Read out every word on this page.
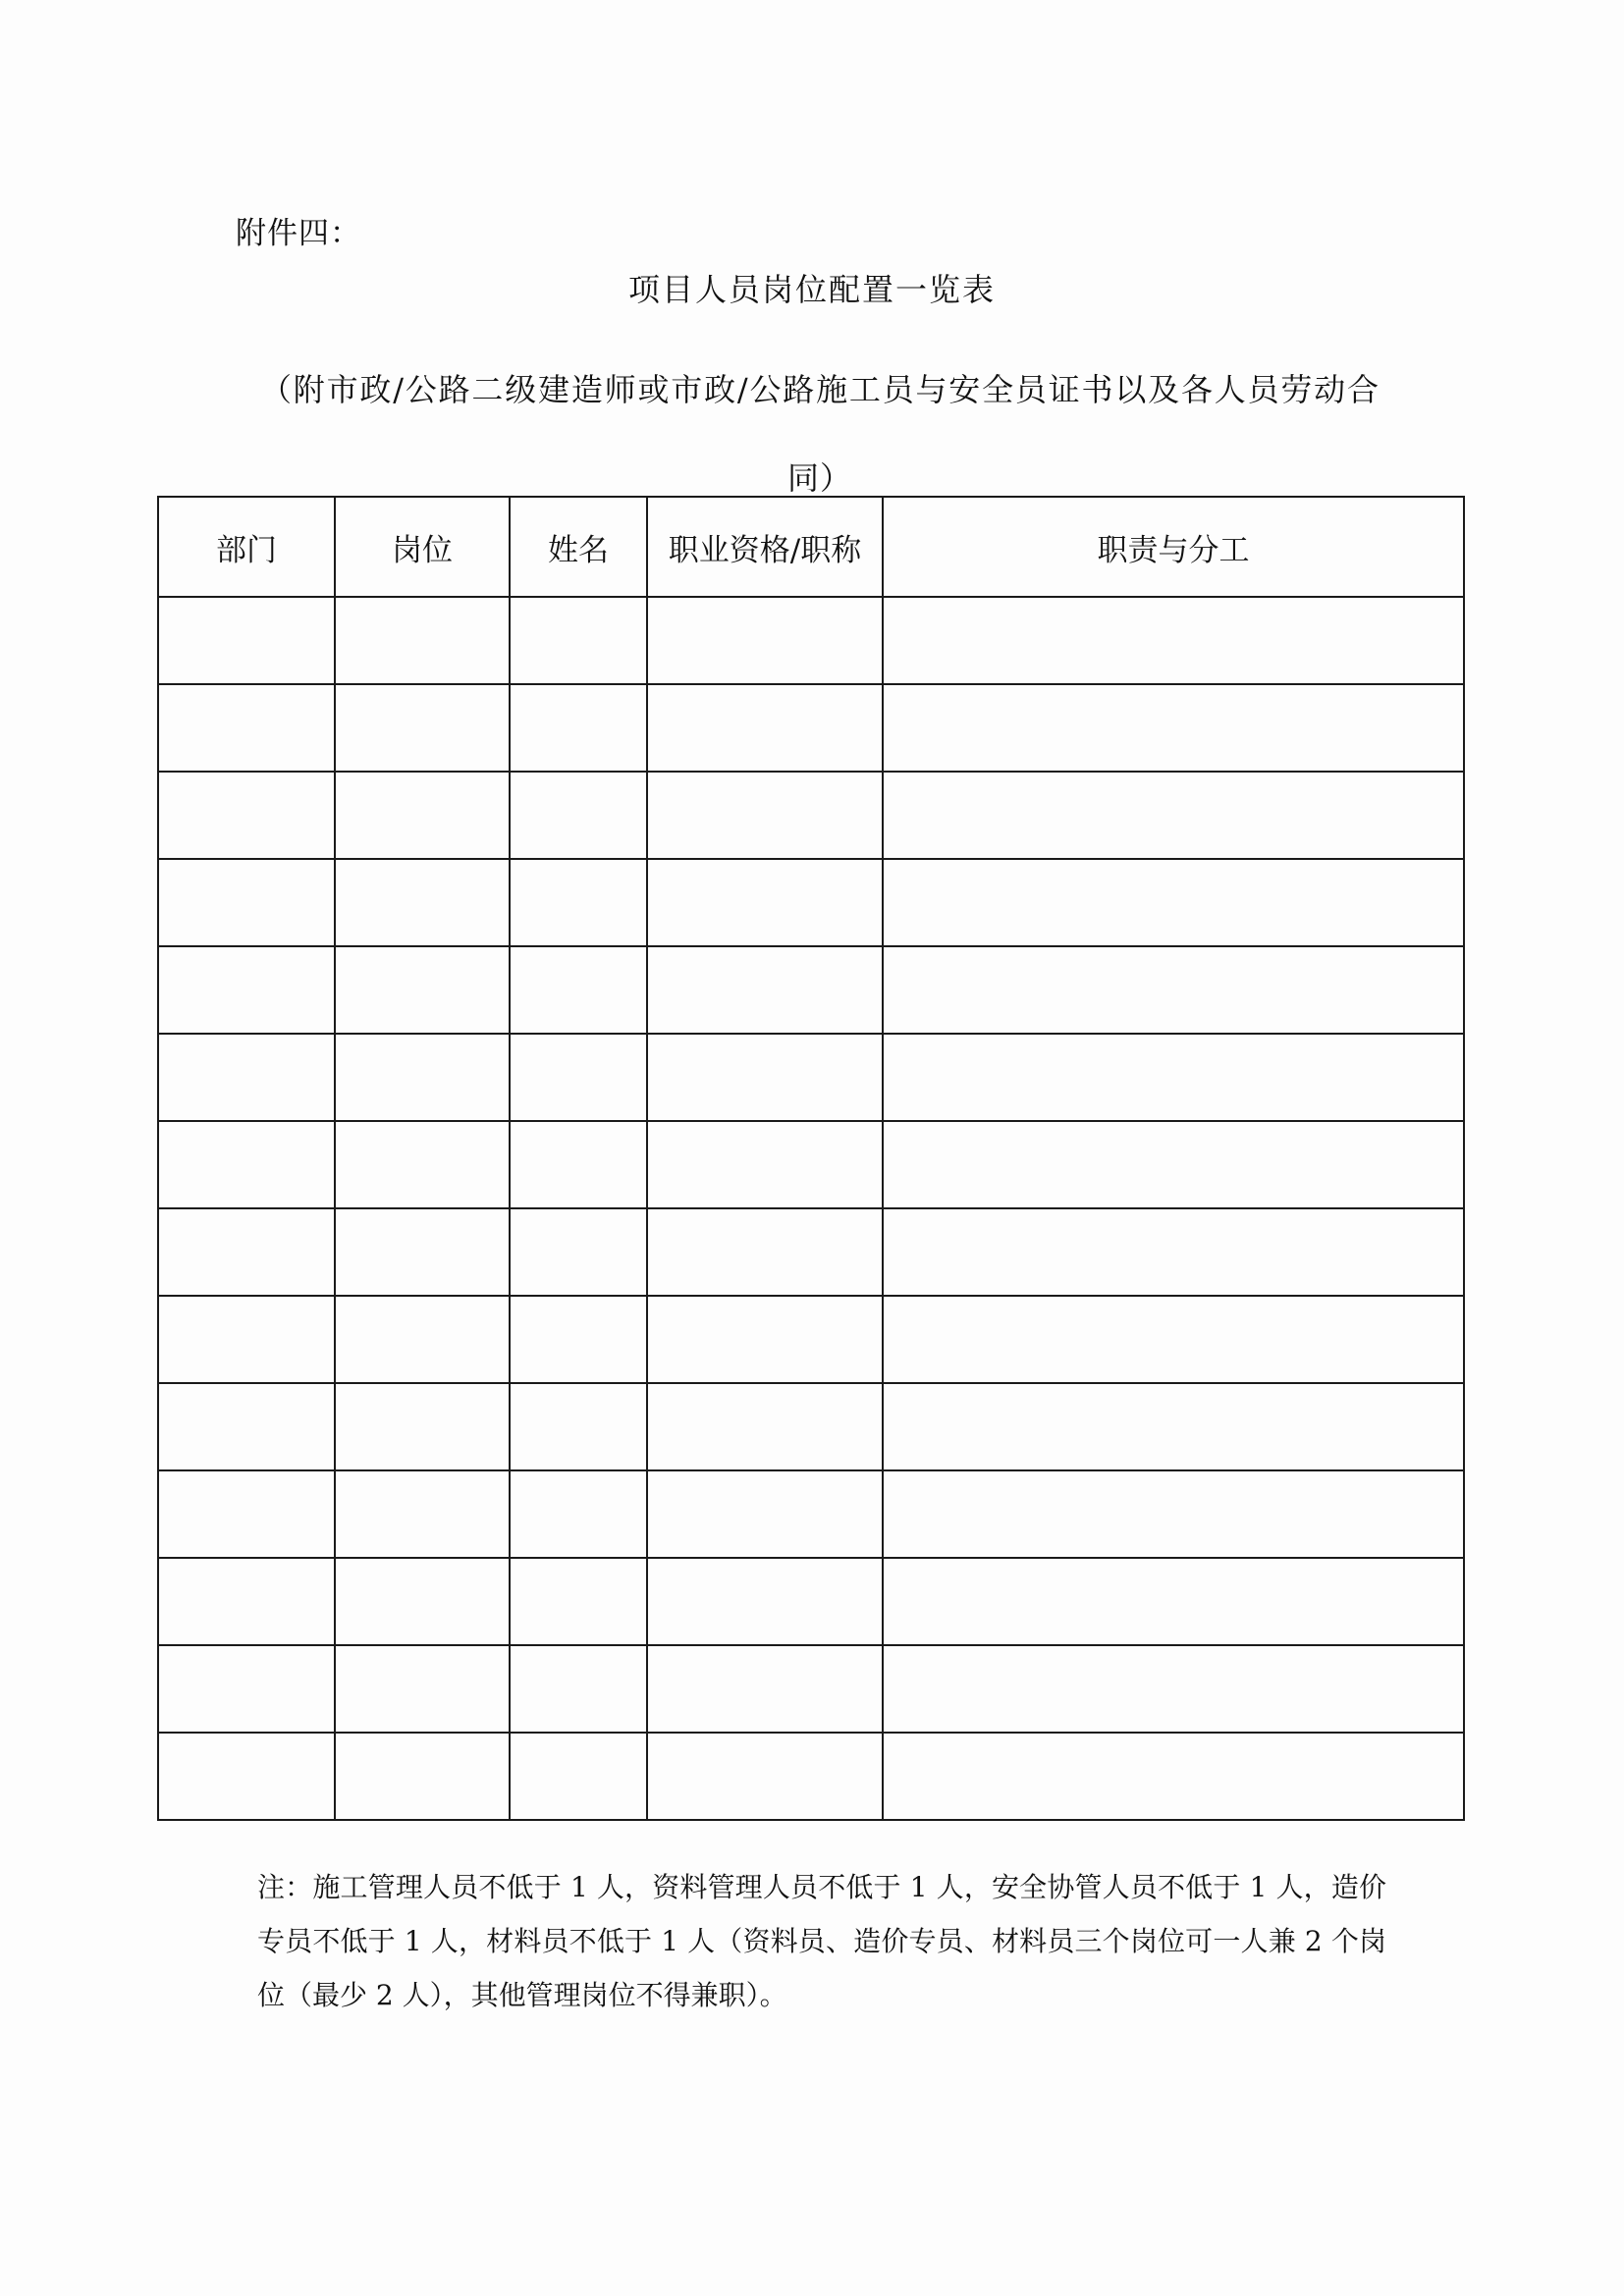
附件四：
项目人员岗位配置一览表
（附市政/公路二级建造师或市政/公路施工员与安全员证书以及各人员劳动合同）
部门	岗位	姓名	职业资格/职称	职责与分工

注：施工管理人员不低于 1 人，资料管理人员不低于 1 人，安全协管人员不低于 1 人，造价专员不低于 1 人，材料员不低于 1 人（资料员、造价专员、材料员三个岗位可一人兼 2 个岗位（最少 2 人），其他管理岗位不得兼职）。
